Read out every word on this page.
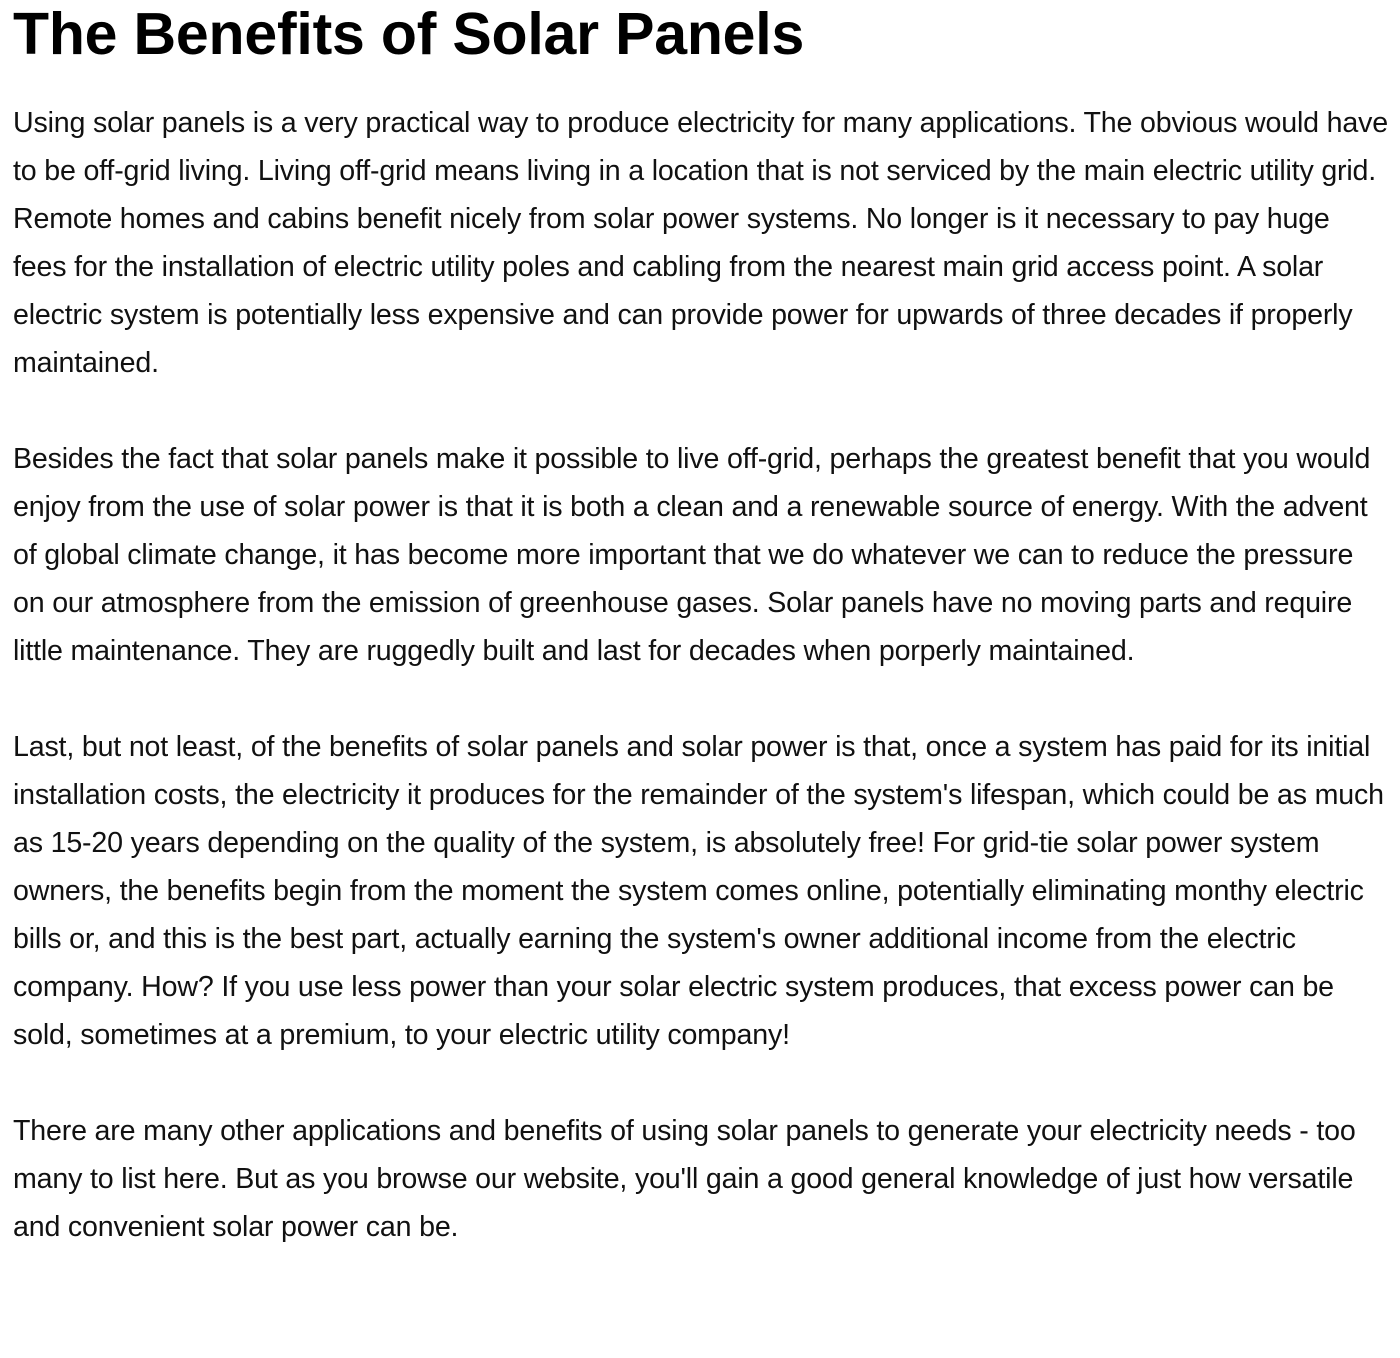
The Benefits of Solar Panels

Using solar panels is a very practical way to produce electricity for many applications. The obvious would have to be off-grid living. Living off-grid means living in a location that is not serviced by the main electric utility grid. Remote homes and cabins benefit nicely from solar power systems. No longer is it necessary to pay huge fees for the installation of electric utility poles and cabling from the nearest main grid access point. A solar electric system is potentially less expensive and can provide power for upwards of three decades if properly maintained.

Besides the fact that solar panels make it possible to live off-grid, perhaps the greatest benefit that you would enjoy from the use of solar power is that it is both a clean and a renewable source of energy. With the advent of global climate change, it has become more important that we do whatever we can to reduce the pressure on our atmosphere from the emission of greenhouse gases. Solar panels have no moving parts and require little maintenance. They are ruggedly built and last for decades when porperly maintained.

Last, but not least, of the benefits of solar panels and solar power is that, once a system has paid for its initial installation costs, the electricity it produces for the remainder of the system's lifespan, which could be as much as 15-20 years depending on the quality of the system, is absolutely free! For grid-tie solar power system owners, the benefits begin from the moment the system comes online, potentially eliminating monthy electric bills or, and this is the best part, actually earning the system's owner additional income from the electric company. How? If you use less power than your solar electric system produces, that excess power can be sold, sometimes at a premium, to your electric utility company!

There are many other applications and benefits of using solar panels to generate your electricity needs - too many to list here. But as you browse our website, you'll gain a good general knowledge of just how versatile and convenient solar power can be.
